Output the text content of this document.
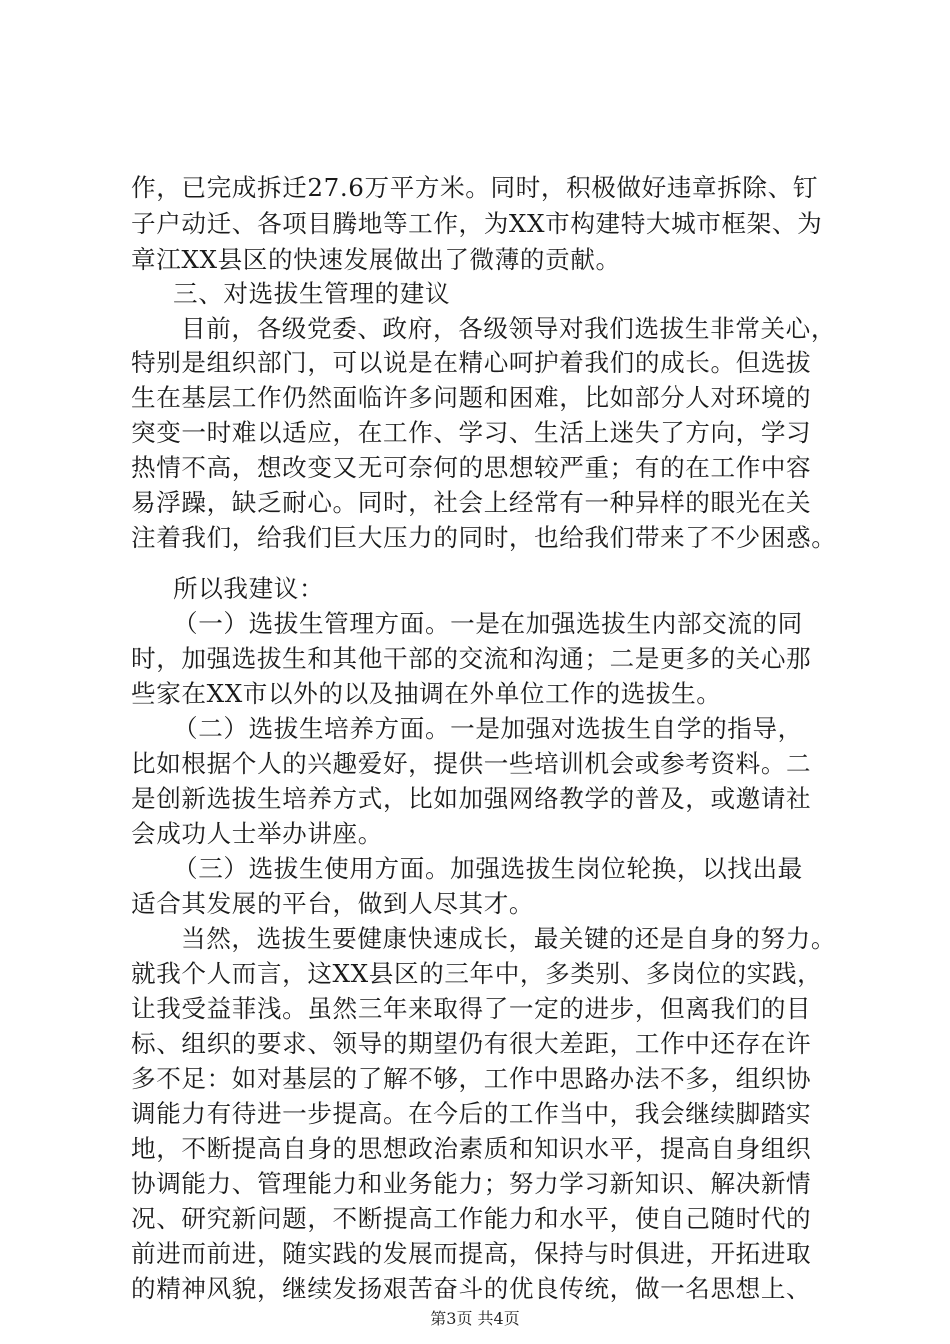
作，已完成拆迁27.6万平方米。同时，积极做好违章拆除、钉
子户动迁、各项目腾地等工作，为XX市构建特大城市框架、为
章江XX县区的快速发展做出了微薄的贡献。
三、对选拔生管理的建议
目前，各级党委、政府，各级领导对我们选拔生非常关心，
特别是组织部门，可以说是在精心呵护着我们的成长。但选拔
生在基层工作仍然面临许多问题和困难，比如部分人对环境的
突变一时难以适应，在工作、学习、生活上迷失了方向，学习
热情不高，想改变又无可奈何的思想较严重；有的在工作中容
易浮躁，缺乏耐心。同时，社会上经常有一种异样的眼光在关
注着我们，给我们巨大压力的同时，也给我们带来了不少困惑。
所以我建议：
（一）选拔生管理方面。一是在加强选拔生内部交流的同
时，加强选拔生和其他干部的交流和沟通；二是更多的关心那
些家在XX市以外的以及抽调在外单位工作的选拔生。
（二）选拔生培养方面。一是加强对选拔生自学的指导，
比如根据个人的兴趣爱好，提供一些培训机会或参考资料。二
是创新选拔生培养方式，比如加强网络教学的普及，或邀请社
会成功人士举办讲座。
（三）选拔生使用方面。加强选拔生岗位轮换，以找出最
适合其发展的平台，做到人尽其才。
当然，选拔生要健康快速成长，最关键的还是自身的努力。
就我个人而言，这XX县区的三年中，多类别、多岗位的实践，
让我受益菲浅。虽然三年来取得了一定的进步，但离我们的目
标、组织的要求、领导的期望仍有很大差距，工作中还存在许
多不足：如对基层的了解不够，工作中思路办法不多，组织协
调能力有待进一步提高。在今后的工作当中，我会继续脚踏实
地，不断提高自身的思想政治素质和知识水平，提高自身组织
协调能力、管理能力和业务能力；努力学习新知识、解决新情
况、研究新问题，不断提高工作能力和水平，使自己随时代的
前进而前进，随实践的发展而提高，保持与时俱进，开拓进取
的精神风貌，继续发扬艰苦奋斗的优良传统，做一名思想上、
第3页 共4页
